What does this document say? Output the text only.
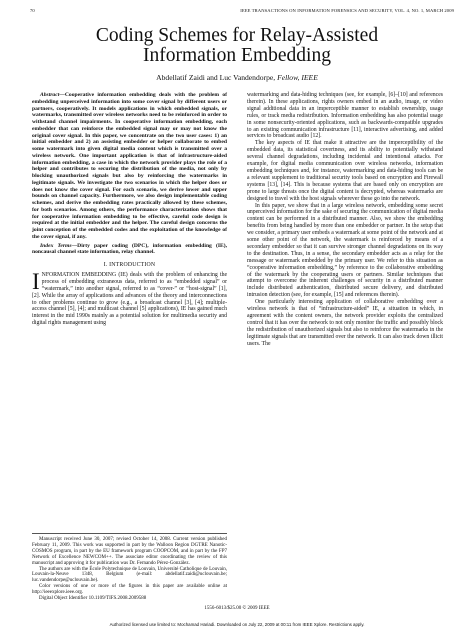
70	IEEE TRANSACTIONS ON INFORMATION FORENSICS AND SECURITY, VOL. 4, NO. 1, MARCH 2009
Coding Schemes for Relay-Assisted
Information Embedding
Abdellatif Zaidi and Luc Vandendorpe, Fellow, IEEE

Abstract—Cooperative information embedding deals with the problem of embedding unperceived information into some cover signal by different users or partners, cooperatively. It models applications in which embedded signals, or watermarks, transmitted over wireless networks need to be reinforced in order to withstand channel impairments. In cooperative information embedding, each embedder that can reinforce the embedded signal may or may not know the original cover signal. In this paper, we concentrate on the two user cases: 1) an initial embedder and 2) an assisting embedder or helper collaborate to embed some watermark into given digital media content which is transmitted over a wireless network. One important application is that of infrastructure-aided information embedding, a case in which the network provider plays the role of a helper and contributes to securing the distribution of the media, not only by blocking unauthorized signals but also by reinforcing the watermarks in legitimate signals. We investigate the two scenarios in which the helper does or does not know the cover signal. For each scenario, we derive lower and upper bounds on channel capacity. Furthermore, we also design implementable coding schemes, and derive the embedding rates practically allowed by these schemes, for both scenarios. Among others, the performance characterization shows that for cooperative information embedding to be effective, careful code design is required at the initial embedder and the helper. The careful design concerns the joint conception of the embedded codes and the exploitation of the knowledge of the cover signal, if any.

Index Terms—Dirty paper coding (DPC), information embedding (IE), noncausal channel state information, relay channel.

I. INTRODUCTION

INFORMATION EMBEDDING (IE) deals with the problem of enhancing the process of embedding extraneous data, referred to as “embedded signal” or “watermark,” into another signal, referred to as “cover-” or “host-signal” [1], [2]. While the array of applications and advances of the theory and interconnections to other problems continue to grow (e.g., a broadcast channel [3], [4]; multiple-access channel [5], [4]; and multicast channel [5] applications), IE has gained much interest in the mid 1990s mainly as a potential solution for multimedia security and digital rights management using

watermarking and data-hiding techniques (see, for example, [6]–[10] and references therein). In these applications, rights owners embed in an audio, image, or video signal additional data in an imperceptible manner to establish ownership, usage rules, or track media redistribution. Information embedding has also potential usage in some nonsecurity-oriented applications, such as backwards-compatible upgrades to an existing communication infrastructure [11], interactive advertising, and added services to broadcast audio [12].

The key aspects of IE that make it attractive are the imperceptibility of the embedded data, its statistical covertness, and its ability to potentially withstand several channel degradations, including incidental and intentional attacks. For example, for digital media communication over wireless networks, information embedding techniques and, for instance, watermarking and data-hiding tools can be a relevant supplement to traditional security tools based on encryption and Firewall systems [13], [14]. This is because systems that are based only on encryption are prone to large threats once the digital content is decrypted, whereas watermarks are designed to travel with the host signals wherever these go into the network.

In this paper, we show that in a large wireless network, embedding some secret unperceived information for the sake of securing the communication of digital media content can be performed in a distributed manner. Also, we show the embedding benefits from being handled by more than one embedder or partner. In the setup that we consider, a primary user embeds a watermark at some point of the network and at some other point of the network, the watermark is reinforced by means of a secondary embedder so that it can survive stronger channel degradations on its way to the destination. Thus, in a sense, the secondary embedder acts as a relay for the message or watermark embedded by the primary user. We refer to this situation as “cooperative information embedding,” by reference to the collaborative embedding of the watermark by the cooperating users or partners. Similar techniques that attempt to overcome the inherent challenges of security in a distributed manner include distributed authentication, distributed secure delivery, and distributed intrusion detection (see, for example, [15] and references therein).

One particularly interesting application of collaborative embedding over a wireless network is that of “infrastructure-aided” IE, a situation in which, in agreement with the content owners, the network provider exploits the centralized control that it has over the network to not only monitor the traffic and possibly block the redistribution of unauthorized signals but also to reinforce the watermarks in the legitimate signals that are transmitted over the network. It can also track down illicit users. The

Manuscript received June 30, 2007; revised October 14, 2008. Current version published February 11, 2009. This work was supported in part by the Walloon Region DGTRE Nanotic-COSMOS program, in part by the EU framework program COOPCOM, and in part by the FP7 Network of Excellence NEWCOM++. The associate editor coordinating the review of this manuscript and approving it for publication was Dr. Fernando Pérez-González.

The authors are with the École Polytechnique de Louvain, Université Catholique de Louvain, Louvain-la-Neuve 1348, Belgium (e-mail: abdellatif.zaidi@uclouvain.be; luc.vandendorpe@uclouvain.be).

Color versions of one or more of the figures in this paper are available online at http://ieeexplore.ieee.org.

Digital Object Identifier 10.1109/TIFS.2008.2009588

1556-6013/$25.00 © 2009 IEEE
Authorized licensed use limited to: Mochamad Hariadi. Downloaded on July 22, 2009 at 00:11 from IEEE Xplore. Restrictions apply.
